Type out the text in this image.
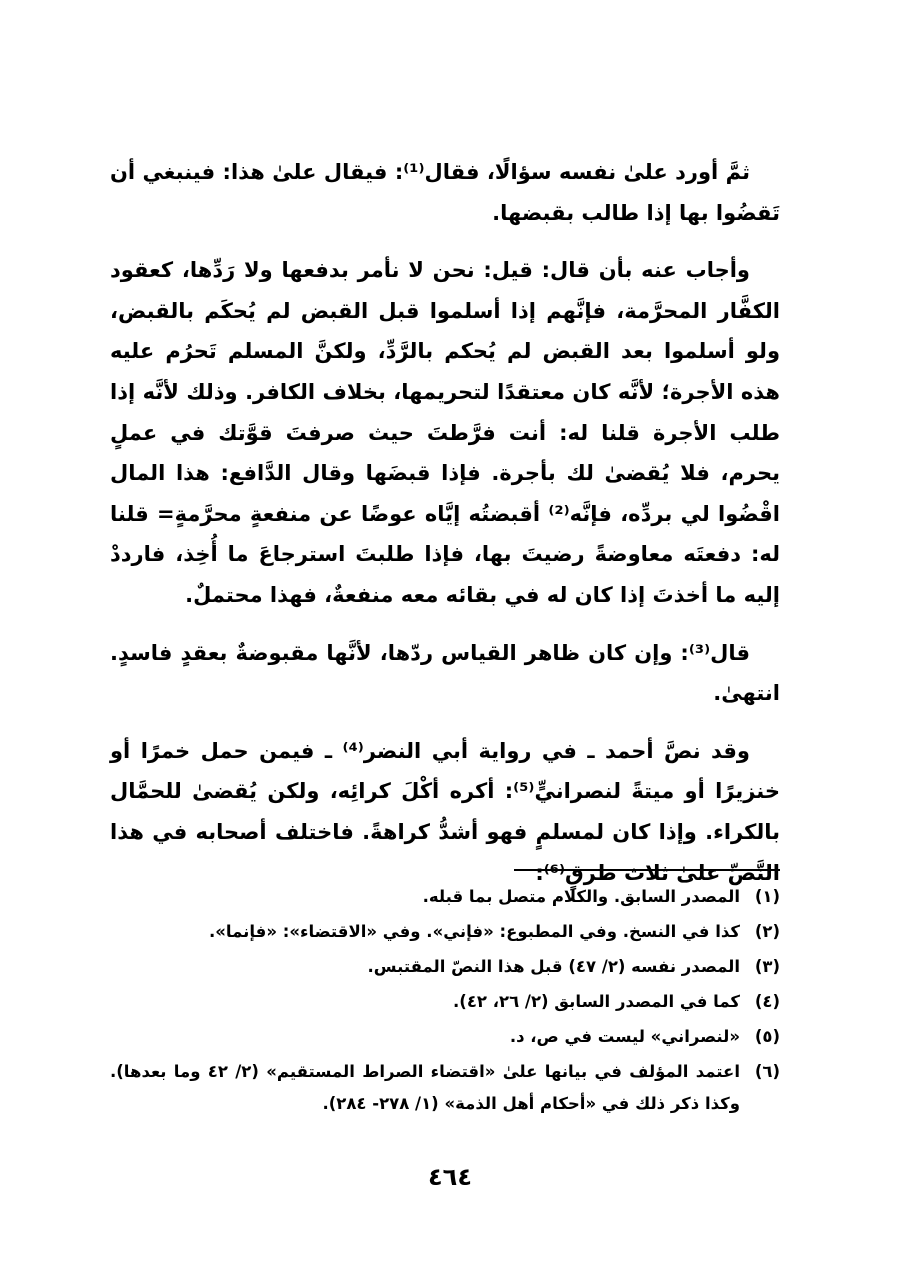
ثمَّ أورد علىٰ نفسه سؤالًا، فقال⁽¹⁾: فيقال علىٰ هذا: فينبغي أن تَقضُوا بها إذا طالب بقبضها.

وأجاب عنه بأن قال: قيل: نحن لا نأمر بدفعها ولا رَدِّها، كعقود الكفَّار المحرَّمة، فإنَّهم إذا أسلموا قبل القبض لم يُحكَم بالقبض، ولو أسلموا بعد القبض لم يُحكم بالرَّدِّ، ولكنَّ المسلم تَحرُم عليه هذه الأجرة؛ لأنَّه كان معتقدًا لتحريمها، بخلاف الكافر. وذلك لأنَّه إذا طلب الأجرة قلنا له: أنت فرَّطتَ حيث صرفتَ قوَّتك في عملٍ يحرم، فلا يُقضىٰ لك بأجرة. فإذا قبضَها وقال الدَّافع: هذا المال اقْضُوا لي بردِّه، فإنَّه⁽²⁾ أقبضتُه إيَّاه عوضًا عن منفعةٍ محرَّمةٍ= قلنا له: دفعتَه معاوضةً رضيتَ بها، فإذا طلبتَ استرجاعَ ما أُخِذ، فارددْ إليه ما أخذتَ إذا كان له في بقائه معه منفعةٌ، فهذا محتملٌ.

قال⁽³⁾: وإن كان ظاهر القياس ردّها، لأنَّها مقبوضةٌ بعقدٍ فاسدٍ. انتهىٰ.

وقد نصَّ أحمد ـ في رواية أبي النضر⁽⁴⁾ ـ فيمن حمل خمرًا أو خنزيرًا أو ميتةً لنصرانيٍّ⁽⁵⁾: أكره أكْلَ كرائِه، ولكن يُقضىٰ للحمَّال بالكراء. وإذا كان لمسلمٍ فهو أشدُّ كراهةً. فاختلف أصحابه في هذا النَّصِّ علىٰ ثلاث طرقٍ⁽⁶⁾:

(١)
المصدر السابق. والكلام متصل بما قبله.
(٢)
كذا في النسخ. وفي المطبوع: «فإني». وفي «الاقتضاء»: «فإنما».
(٣)
المصدر نفسه (٢/ ٤٧) قبل هذا النصّ المقتبس.
(٤)
كما في المصدر السابق (٢/ ٢٦، ٤٢).
(٥)
«لنصراني» ليست في ص، د.
(٦)
اعتمد المؤلف في بيانها علىٰ «اقتضاء الصراط المستقيم» (٢/ ٤٢ وما بعدها). وكذا ذكر ذلك في «أحكام أهل الذمة» (١/ ٢٧٨- ٢٨٤).
٤٦٤
